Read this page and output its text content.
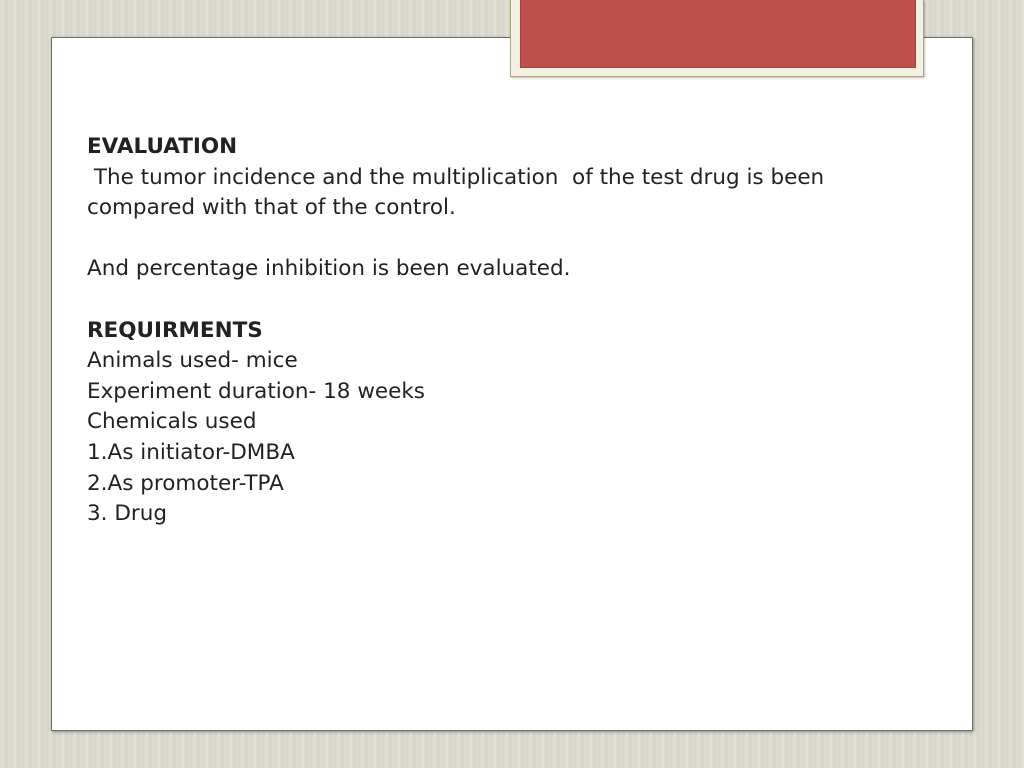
EVALUATION
The tumor incidence and the multiplication  of the test drug is been
compared with that of the control.
And percentage inhibition is been evaluated.
REQUIRMENTS
Animals used- mice
Experiment duration- 18 weeks
Chemicals used
1.As initiator-DMBA
2.As promoter-TPA
3. Drug
